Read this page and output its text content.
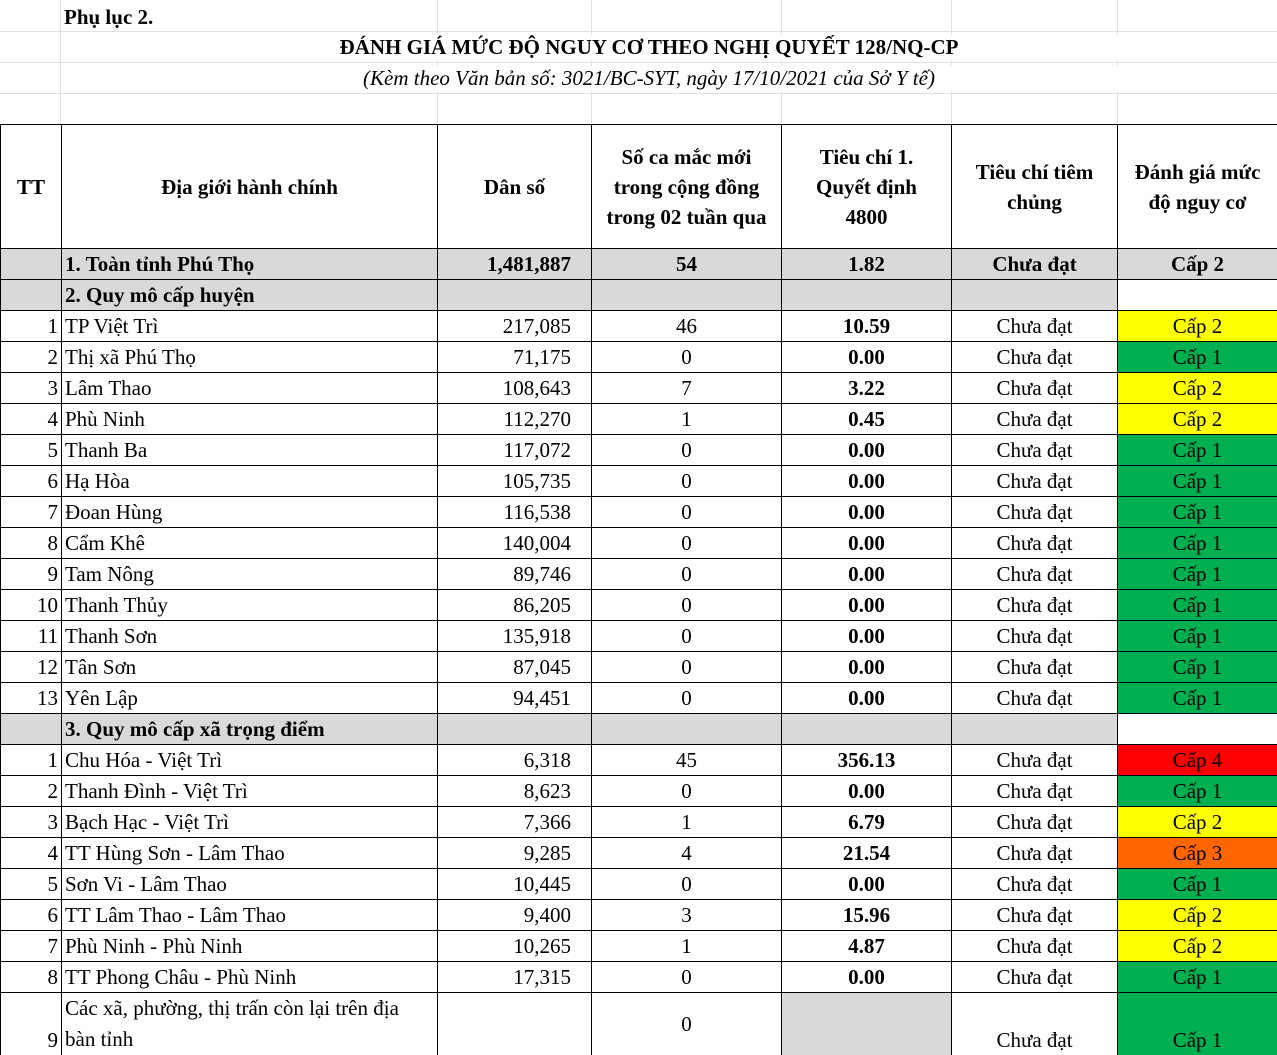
Phụ lục 2.
ĐÁNH GIÁ MỨC ĐỘ NGUY CƠ THEO NGHỊ QUYẾT 128/NQ-CP
(Kèm theo Văn bản số: 3021/BC-SYT, ngày 17/10/2021 của Sở Y tế)
TT	Địa giới hành chính	Dân số	Số ca mắc mới trong cộng đồng trong 02 tuần qua	Tiêu chí 1. Quyết định 4800	Tiêu chí tiêm chủng	Đánh giá mức độ nguy cơ
	1. Toàn tỉnh Phú Thọ	1,481,887	54	1.82	Chưa đạt	Cấp 2
	2. Quy mô cấp huyện					
1	TP Việt Trì	217,085	46	10.59	Chưa đạt	Cấp 2
2	Thị xã Phú Thọ	71,175	0	0.00	Chưa đạt	Cấp 1
3	Lâm Thao	108,643	7	3.22	Chưa đạt	Cấp 2
4	Phù Ninh	112,270	1	0.45	Chưa đạt	Cấp 2
5	Thanh Ba	117,072	0	0.00	Chưa đạt	Cấp 1
6	Hạ Hòa	105,735	0	0.00	Chưa đạt	Cấp 1
7	Đoan Hùng	116,538	0	0.00	Chưa đạt	Cấp 1
8	Cẩm Khê	140,004	0	0.00	Chưa đạt	Cấp 1
9	Tam Nông	89,746	0	0.00	Chưa đạt	Cấp 1
10	Thanh Thủy	86,205	0	0.00	Chưa đạt	Cấp 1
11	Thanh Sơn	135,918	0	0.00	Chưa đạt	Cấp 1
12	Tân Sơn	87,045	0	0.00	Chưa đạt	Cấp 1
13	Yên Lập	94,451	0	0.00	Chưa đạt	Cấp 1
	3. Quy mô cấp xã trọng điểm					
1	Chu Hóa - Việt Trì	6,318	45	356.13	Chưa đạt	Cấp 4
2	Thanh Đình - Việt Trì	8,623	0	0.00	Chưa đạt	Cấp 1
3	Bạch Hạc - Việt Trì	7,366	1	6.79	Chưa đạt	Cấp 2
4	TT Hùng Sơn - Lâm Thao	9,285	4	21.54	Chưa đạt	Cấp 3
5	Sơn Vi - Lâm Thao	10,445	0	0.00	Chưa đạt	Cấp 1
6	TT Lâm Thao - Lâm Thao	9,400	3	15.96	Chưa đạt	Cấp 2
7	Phù Ninh - Phù Ninh	10,265	1	4.87	Chưa đạt	Cấp 2
8	TT Phong Châu - Phù Ninh	17,315	0	0.00	Chưa đạt	Cấp 1
9	Các xã, phường, thị trấn còn lại trên địa bàn tỉnh		0		Chưa đạt	Cấp 1
